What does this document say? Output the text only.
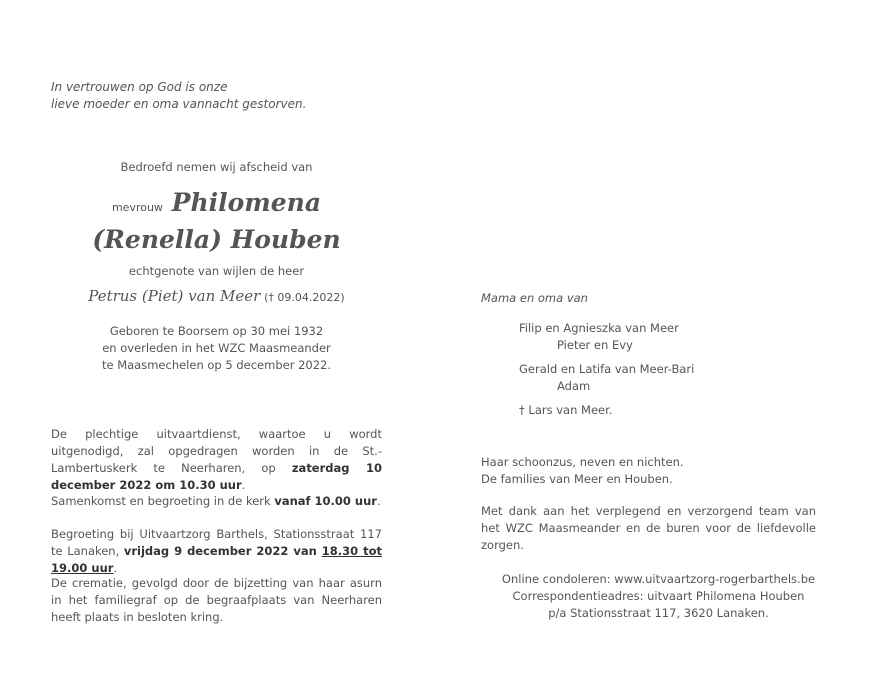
In vertrouwen op God is onze
lieve moeder en oma vannacht gestorven.
Bedroefd nemen wij afscheid van
mevrouw Philomena
(Renella) Houben
echtgenote van wijlen de heer
Petrus (Piet) van Meer († 09.04.2022)
Geboren te Boorsem op 30 mei 1932
en overleden in het WZC Maasmeander
te Maasmechelen op 5 december 2022.
De plechtige uitvaartdienst, waartoe u wordt uitgenodigd, zal opgedragen worden in de St.-Lambertuskerk te Neerharen, op zaterdag 10 december 2022 om 10.30 uur.
Samenkomst en begroeting in de kerk vanaf 10.00 uur.
Begroeting bij Uitvaartzorg Barthels, Stationsstraat 117 te Lanaken, vrijdag 9 december 2022 van 18.30 tot 19.00 uur.
De crematie, gevolgd door de bijzetting van haar asurn in het familiegraf op de begraafplaats van Neerharen heeft plaats in besloten kring.
Mama en oma van
Filip en Agnieszka van Meer
Pieter en Evy
Gerald en Latifa van Meer-Bari
Adam
† Lars van Meer.
Haar schoonzus, neven en nichten.
De families van Meer en Houben.
Met dank aan het verplegend en verzorgend team van het WZC Maasmeander en de buren voor de liefdevolle zorgen.
Online condoleren: www.uitvaartzorg-rogerbarthels.be
Correspondentieadres: uitvaart Philomena Houben
p/a Stationsstraat 117, 3620 Lanaken.
